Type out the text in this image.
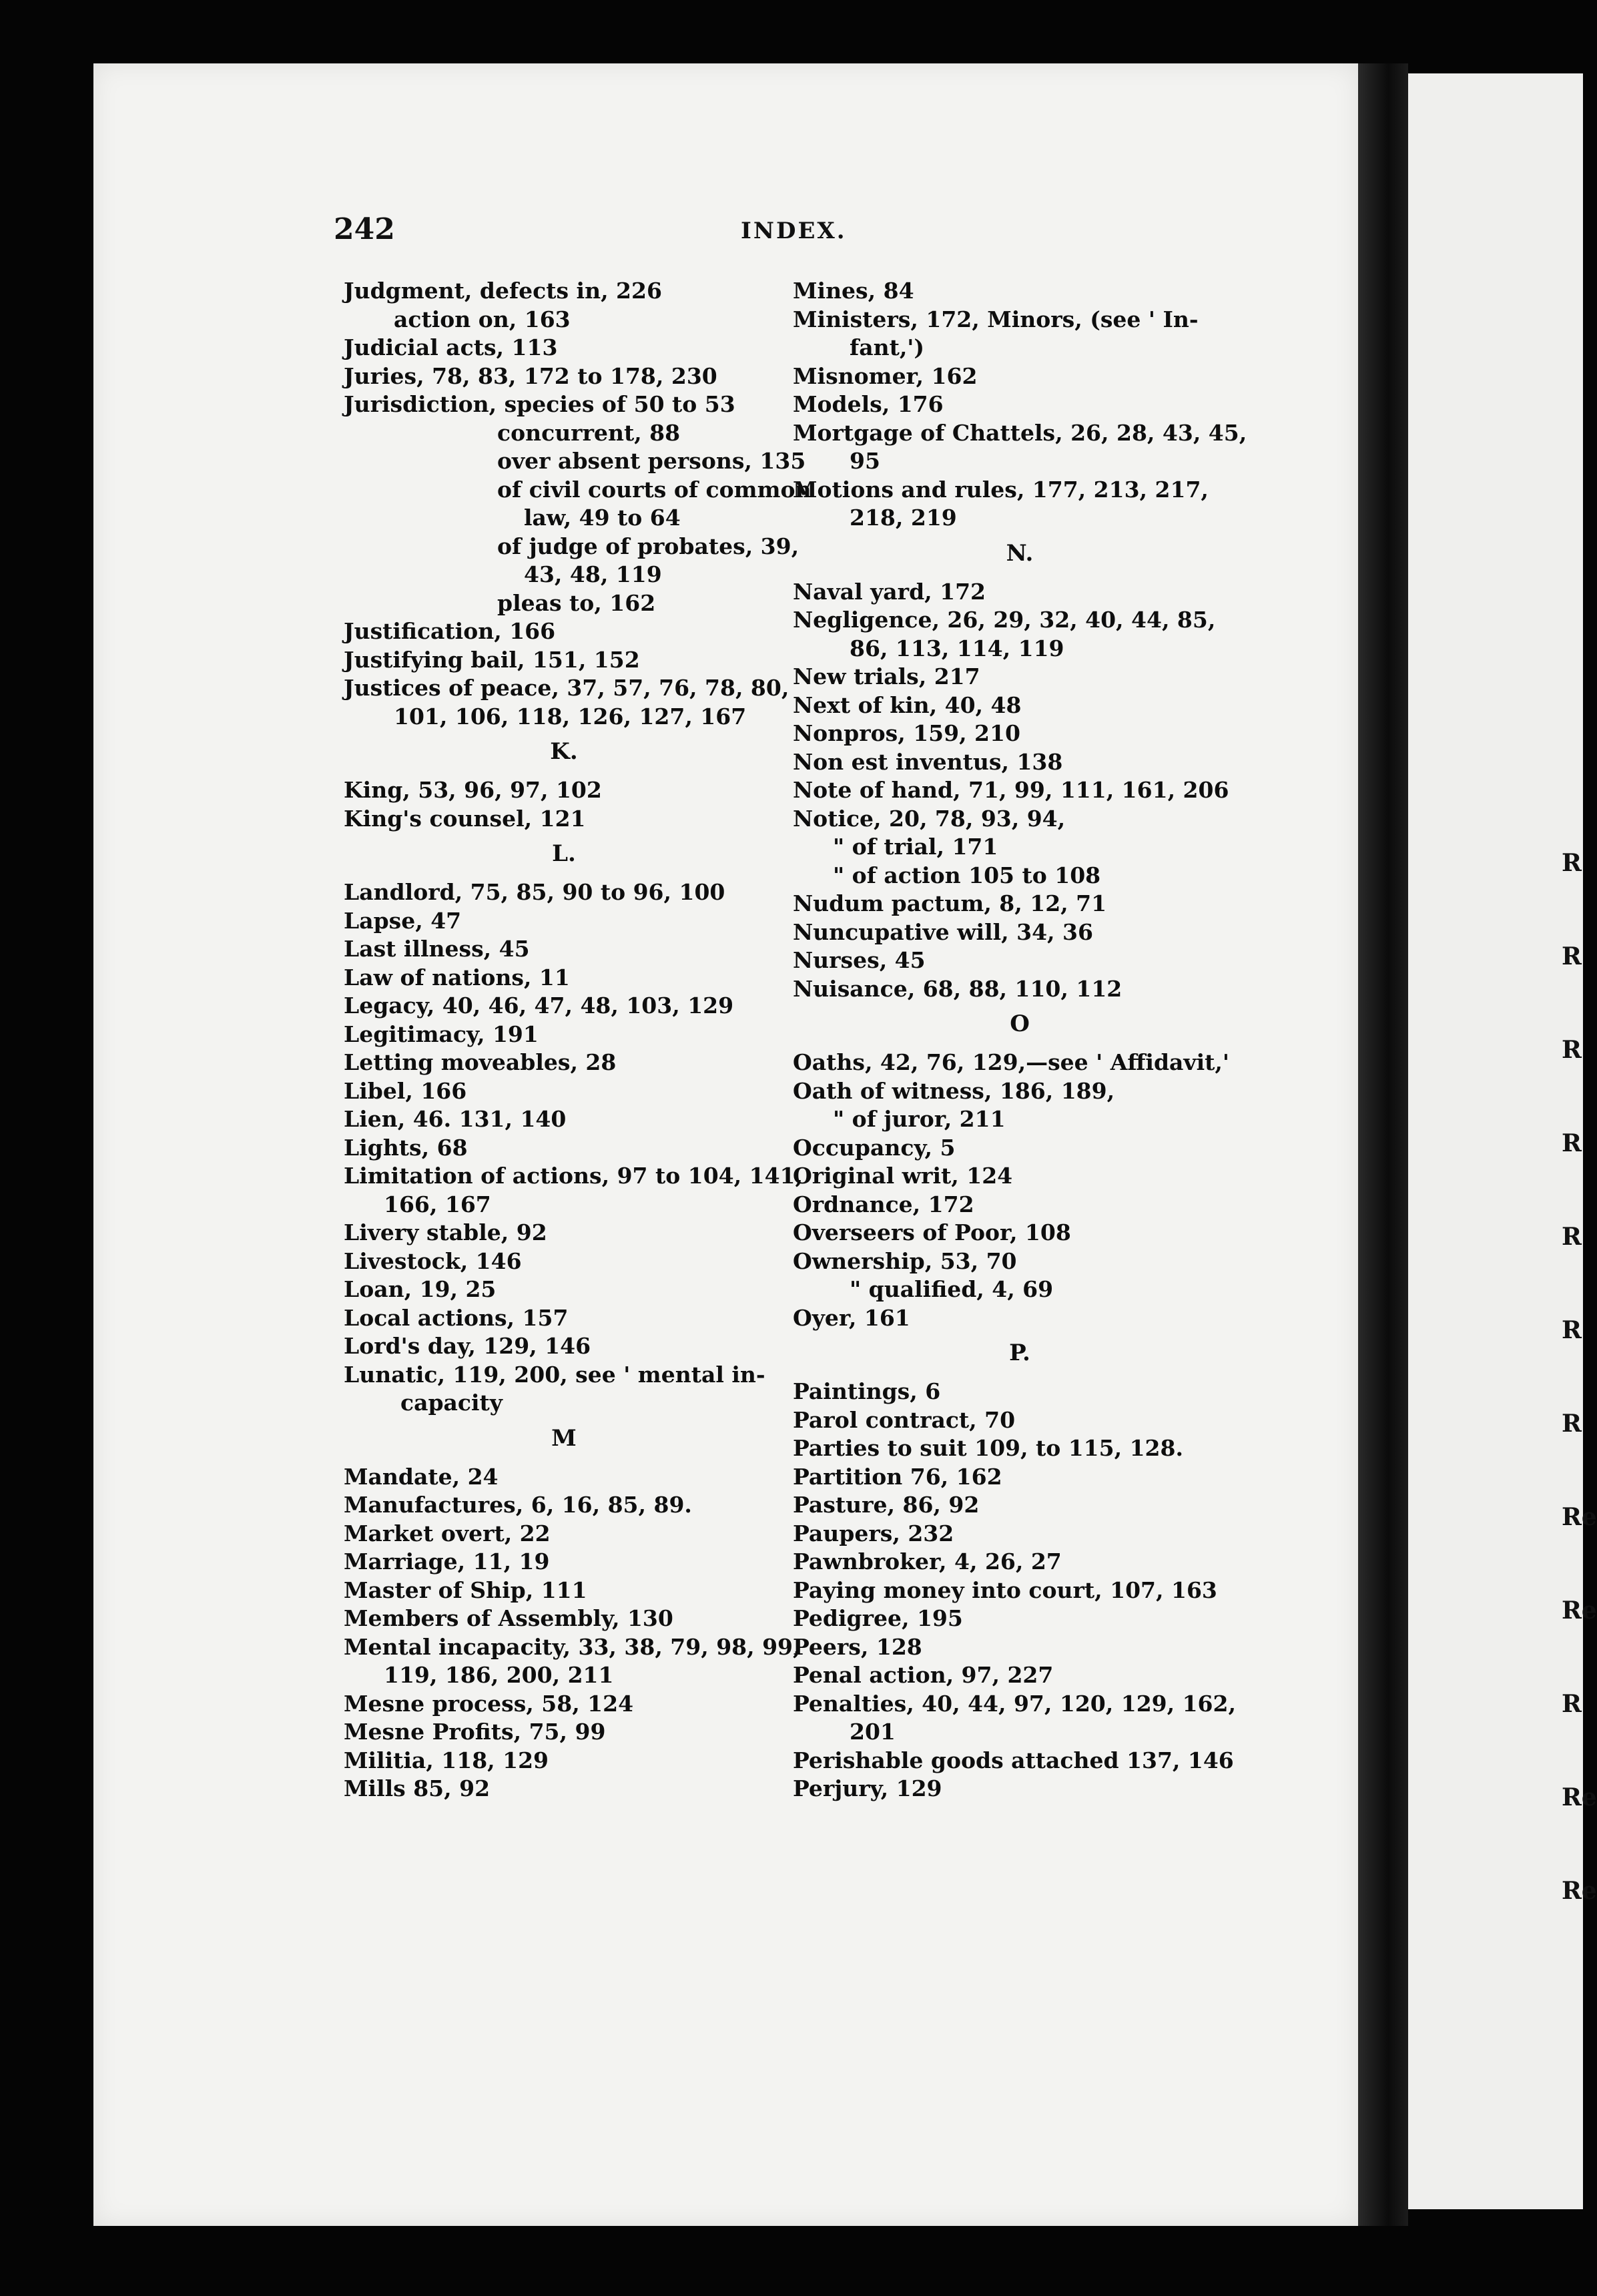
242	INDEX.
Judgment, defects in, 226
action on, 163
Judicial acts, 113
Juries, 78, 83, 172 to 178, 230
Jurisdiction, species of 50 to 53
concurrent, 88
over absent persons, 135
of civil courts of common
law, 49 to 64
of judge of probates, 39,
43, 48, 119
pleas to, 162
Justification, 166
Justifying bail, 151, 152
Justices of peace, 37, 57, 76, 78, 80,
101, 106, 118, 126, 127, 167
K.
King, 53, 96, 97, 102
King's counsel, 121
L.
Landlord, 75, 85, 90 to 96, 100
Lapse, 47
Last illness, 45
Law of nations, 11
Legacy, 40, 46, 47, 48, 103, 129
Legitimacy, 191
Letting moveables, 28
Libel, 166
Lien, 46. 131, 140
Lights, 68
Limitation of actions, 97 to 104, 141,
166, 167
Livery stable, 92
Livestock, 146
Loan, 19, 25
Local actions, 157
Lord's day, 129, 146
Lunatic, 119, 200, see ' mental in-
capacity
M
Mandate, 24
Manufactures, 6, 16, 85, 89.
Market overt, 22
Marriage, 11, 19
Master of Ship, 111
Members of Assembly, 130
Mental incapacity, 33, 38, 79, 98, 99,
119, 186, 200, 211
Mesne process, 58, 124
Mesne Profits, 75, 99
Militia, 118, 129
Mills 85, 92
Mines, 84
Ministers, 172, Minors, (see ' In-
fant,')
Misnomer, 162
Models, 176
Mortgage of Chattels, 26, 28, 43, 45,
95
Motions and rules, 177, 213, 217,
218, 219
N.
Naval yard, 172
Negligence, 26, 29, 32, 40, 44, 85,
86, 113, 114, 119
New trials, 217
Next of kin, 40, 48
Nonpros, 159, 210
Non est inventus, 138
Note of hand, 71, 99, 111, 161, 206
Notice, 20, 78, 93, 94,
" of trial, 171
" of action 105 to 108
Nudum pactum, 8, 12, 71
Nuncupative will, 34, 36
Nurses, 45
Nuisance, 68, 88, 110, 112
O
Oaths, 42, 76, 129,—see ' Affidavit,'
Oath of witness, 186, 189,
" of juror, 211
Occupancy, 5
Original writ, 124
Ordnance, 172
Overseers of Poor, 108
Ownership, 53, 70
" qualified, 4, 69
Oyer, 161
P.
Paintings, 6
Parol contract, 70
Parties to suit 109, to 115, 128.
Partition 76, 162
Pasture, 86, 92
Paupers, 232
Pawnbroker, 4, 26, 27
Paying money into court, 107, 163
Pedigree, 195
Peers, 128
Penal action, 97, 227
Penalties, 40, 44, 97, 120, 129, 162,
201
Perishable goods attached 137, 146
Perjury, 129
R
R
R
R
R
R
R
Re
Re
R
Re
Re
